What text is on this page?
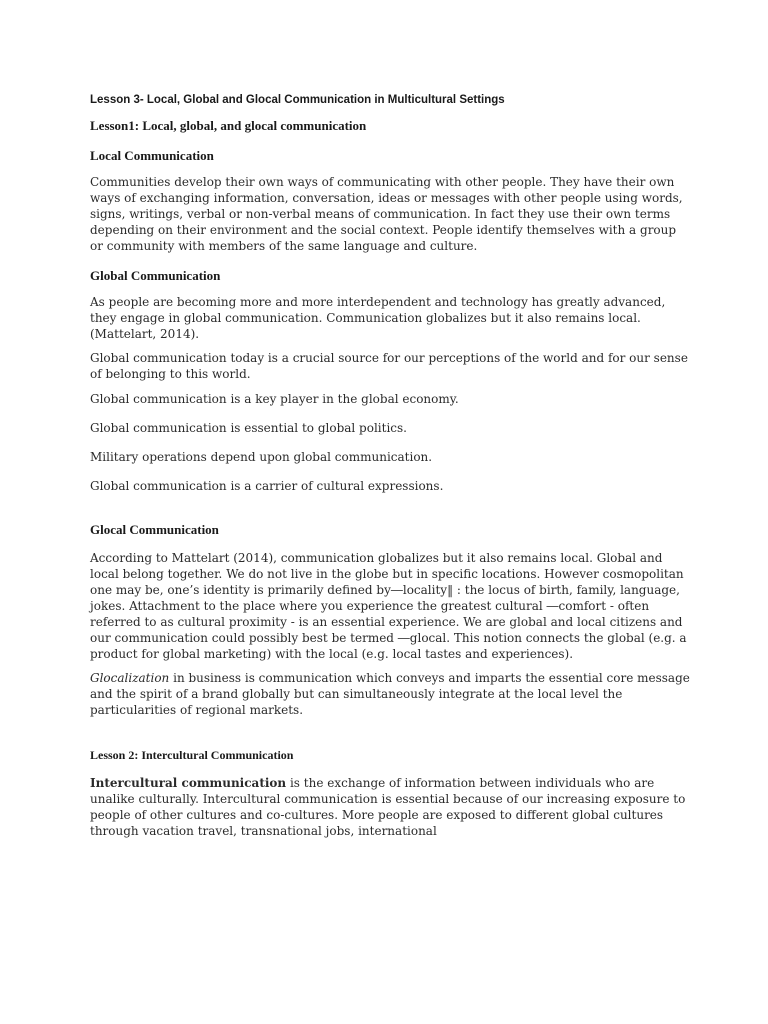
Lesson 3- Local, Global and Glocal Communication in Multicultural Settings
Lesson1: Local, global, and glocal communication
Local Communication

Communities develop their own ways of communicating with other people. They have their own ways of exchanging information, conversation, ideas or messages with other people using words, signs, writings, verbal or non-verbal means of communication. In fact they use their own terms depending on their environment and the social context. People identify themselves with a group or community with members of the same language and culture.

Global Communication

As people are becoming more and more interdependent and technology has greatly advanced, they engage in global communication. Communication globalizes but it also remains local. (Mattelart, 2014).

Global communication today is a crucial source for our perceptions of the world and for our sense of belonging to this world.

Global communication is a key player in the global economy.

Global communication is essential to global politics.

Military operations depend upon global communication.

Global communication is a carrier of cultural expressions.

Glocal Communication

According to Mattelart (2014), communication globalizes but it also remains local. Global and local belong together. We do not live in the globe but in specific locations. However cosmopolitan one may be, one’s identity is primarily defined by―locality‖ : the locus of birth, family, language, jokes. Attachment to the place where you experience the greatest cultural ―comfort - often referred to as cultural proximity - is an essential experience. We are global and local citizens and our communication could possibly best be termed ―glocal. This notion connects the global (e.g. a product for global marketing) with the local (e.g. local tastes and experiences).

Glocalization in business is communication which conveys and imparts the essential core message and the spirit of a brand globally but can simultaneously integrate at the local level the particularities of regional markets.

Lesson 2: Intercultural Communication

Intercultural communication is the exchange of information between individuals who are unalike culturally. Intercultural communication is essential because of our increasing exposure to people of other cultures and co-cultures. More people are exposed to different global cultures through vacation travel, transnational jobs, international
